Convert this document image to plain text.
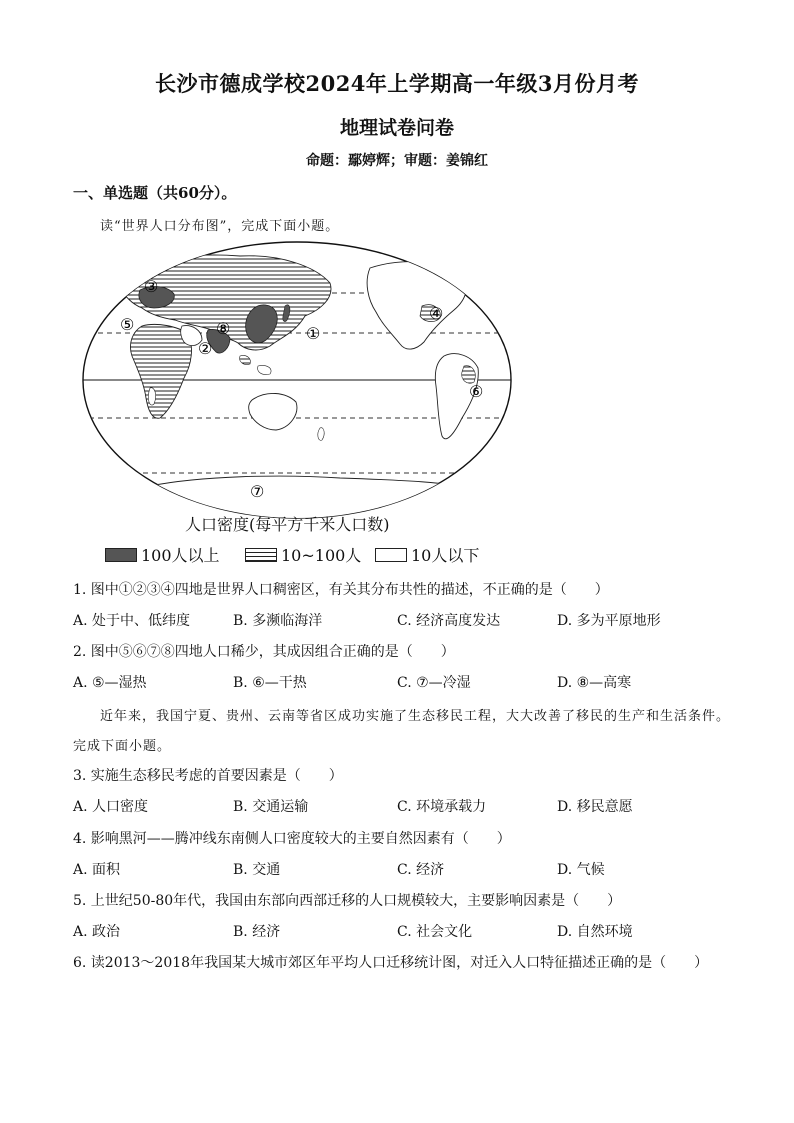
长沙市德成学校2024年上学期高一年级3月份月考
地理试卷问卷
命题：鄢婷辉；审题：姜锦红
一、单选题（共60分）。
读“世界人口分布图”，完成下面小题。
①
②
③
④
⑤
⑥
⑦
⑧
人口密度(每平方千米人口数)
100人以上	10~100人	10人以下
1. 图中①②③④四地是世界人口稠密区，有关其分布共性的描述，不正确的是（　　）
A. 处于中、低纬度	B. 多濒临海洋	C. 经济高度发达	D. 多为平原地形
2. 图中⑤⑥⑦⑧四地人口稀少，其成因组合正确的是（　　）
A. ⑤—湿热	B. ⑥—干热	C. ⑦—冷湿	D. ⑧—高寒
近年来，我国宁夏、贵州、云南等省区成功实施了生态移民工程，大大改善了移民的生产和生活条件。
完成下面小题。
3. 实施生态移民考虑的首要因素是（　　）
A. 人口密度	B. 交通运输	C. 环境承载力	D. 移民意愿
4. 影响黑河——腾冲线东南侧人口密度较大的主要自然因素有（　　）
A. 面积	B. 交通	C. 经济	D. 气候
5. 上世纪50-80年代，我国由东部向西部迁移的人口规模较大，主要影响因素是（　　）
A. 政治	B. 经济	C. 社会文化	D. 自然环境
6. 读2013～2018年我国某大城市郊区年平均人口迁移统计图，对迁入人口特征描述正确的是（　　）
